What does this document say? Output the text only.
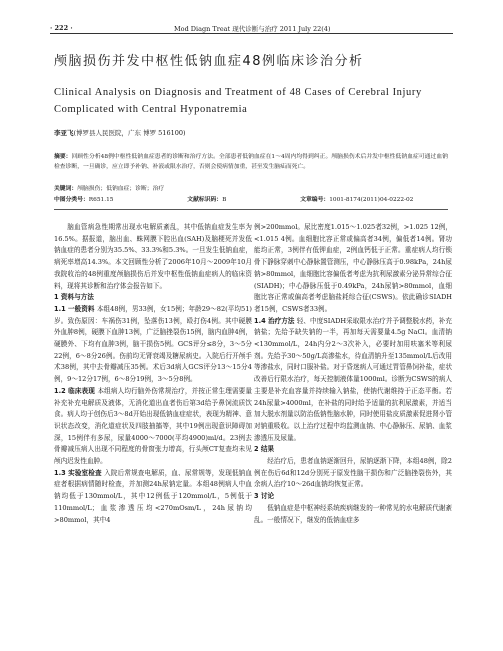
· 222 ·	Mod Diagn Treat 现代诊断与治疗 2011 July 22(4)
颅脑损伤并发中枢性低钠血症48例临床诊治分析
Clinical Analysis on Diagnosis and Treatment of 48 Cases of Cerebral Injury Complicated with Central Hyponatremia
李亚飞(博罗县人民医院，广东 博罗 516100)
摘要：回顾性分析48例中枢性低钠血症患者的诊断和治疗方法。全部患者低钠血症在1～4周内均得到纠正。颅脑损伤术后并发中枢性低钠血症可通过血钠检查诊断，一旦确诊，应立即予补钠、补液或限水治疗，否则会使病情加重，甚至发生脑疝而死亡。
关键词：颅脑损伤；低钠血症；诊断；治疗
中图分类号：R651.15	文献标识码：B	文章编号：1001-8174(2011)04-0222-02

脑血管病急性期常出现水电解质紊乱，其中低钠血症发生率为16.5%。据报道，脑出血、蛛网膜下腔出血(SAH)及脑梗死并发低钠血症的患者分别为35.5%、33.3%和5.3%。一旦发生低钠血症，病死率增高14.3%。本文回顾性分析了2006年10月～2009年10月我院收治的48例重度颅脑损伤后并发中枢性低钠血症病人的临床资料，现将其诊断和治疗体会报告如下。

1 资料与方法

1.1 一般资料 本组48例，男33例，女15例；年龄29～82(平均51)岁。致伤原因：车祸伤31例，坠落伤13例，殴打伤4例。其中硬膜外血肿8例，硬膜下血肿13例，广泛脑挫裂伤15例，脑内血肿4例，硬膜外、下均有血肿3例，脑干损伤5例。GCS评分≤8分，3～5分22例，6～8分26例。伤前均无肾衰竭及糖尿病史。入院后行开颅手术38例，其中去骨瓣减压35例。术后3d病人GCS评分13～15分4例，9～12分17例，6～8分19例，3～5分8例。

1.2 临床表现 本组病人均行脑外伤常规治疗，并按正常生理需要量补充补充电解质及液体，无消化道出血者伤后第3d给予鼻饲流质饮食。病人均于创伤后3～8d开始出现低钠血症症状，表现为精神、意识状态改变，消化道症状及四肢抽搐等，其中19例出现意识障碍加深，15例伴有多尿，尿量4000～7000(平均4900)ml/d。23例去骨瓣减压病人出现不同程度的骨窗张力增高，行头颅CT复查均未见颅内迟发性血肿。

1.3 实验室检查 入院后常规查电解质，血、尿常规等，发现低钠血症者根据病情随时检查，并加测24h尿钠定量。本组48例病人中血钠均低于130mmol/L，其中12例低于120mmol/L，5例低于110mmol/L；血浆渗透压均<270mOsm/L，24h尿钠均>80mmol，其中4

例>200mmol。尿比密度1.015～1.025者32例，>1.025 12例，<1.015 4例。血细胞比容正常或偏高者34例，偏低者14例。肾功能均正常，3例伴有低钾血症，2例血钙低于正常。重症病人均行锁骨下静脉穿刺中心静脉置管测压，中心静脉压高于0.98kPa，24h尿钠>80mmol，血细胞比容偏低者考虑为抗利尿激素分泌异常综合征(SIADH)；中心静脉压低于0.49kPa，24h尿钠>80mmol，血细胞比容正常或偏高者考虑脑盐耗综合征(CSWS)。依此确诊SIADH者15例，CSWS者33例。

1.4 治疗方法 轻、中度SIADH采取限水治疗并予调整脱水药，补充钠盐；先给予缺失钠的一半，再加每天需要量4.5g NaCl。血清钠<130mmol/L，24h内分2～3次补入，必要时加用呋塞米等利尿剂。先给予30～50g/L高渗盐水，待血清钠升至135mmol/L后改用等渗盐水，同时口服补盐。对于昏迷病人可通过胃管鼻饲补盐，症状改善后行限水治疗，每天控制液体量1000ml。诊断为CSWS的病人主要是补充血容量并持续输入钠盐，使钠代谢维持于正态平衡。若24h尿量>4000ml，在补盐的同时给予适量的抗利尿激素，并适当加大脱水剂量以防治低钠性脑水肿，同时使用盐皮质激素促进肾小管对钠重吸收。以上治疗过程中均监测血钠、中心静脉压、尿钠、血浆渗透压及尿量。

2 结果

经治疗后，患者血钠逐渐回升，尿钠逐渐下降，本组48例，除2例在伤后6d和12d分别死于原发性脑干损伤和广泛脑挫裂伤外，其余病人治疗10～26d血钠均恢复正常。

3 讨论

低钠血症是中枢神经系统疾病继发的一种常见的水电解质代谢紊乱。一般情况下，继发的低钠血症多
